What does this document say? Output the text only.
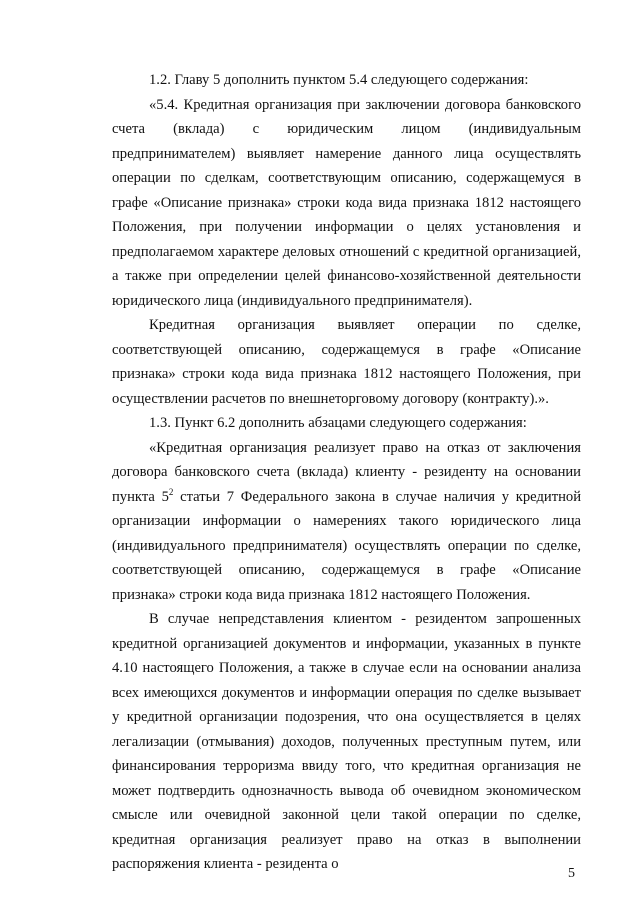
1.2. Главу 5 дополнить пунктом 5.4 следующего содержания:

«5.4. Кредитная организация при заключении договора банковского счета (вклада) с юридическим лицом (индивидуальным предпринимателем) выявляет намерение данного лица осуществлять операции по сделкам, соответствующим описанию, содержащемуся в графе «Описание признака» строки кода вида признака 1812 настоящего Положения, при получении информации о целях установления и предполагаемом характере деловых отношений с кредитной организацией, а также при определении целей финансово-хозяйственной деятельности юридического лица (индивидуального предпринимателя).

Кредитная организация выявляет операции по сделке, соответствующей описанию, содержащемуся в графе «Описание признака» строки кода вида признака 1812 настоящего Положения, при осуществлении расчетов по внешнеторговому договору (контракту).».

1.3. Пункт 6.2 дополнить абзацами следующего содержания:

«Кредитная организация реализует право на отказ от заключения договора банковского счета (вклада) клиенту - резиденту на основании пункта $5^2$ статьи 7 Федерального закона в случае наличия у кредитной организации информации о намерениях такого юридического лица (индивидуального предпринимателя) осуществлять операции по сделке, соответствующей описанию, содержащемуся в графе «Описание признака» строки кода вида признака 1812 настоящего Положения.

В случае непредставления клиентом - резидентом запрошенных кредитной организацией документов и информации, указанных в пункте 4.10 настоящего Положения, а также в случае если на основании анализа всех имеющихся документов и информации операция по сделке вызывает у кредитной организации подозрения, что она осуществляется в целях легализации (отмывания) доходов, полученных преступным путем, или финансирования терроризма ввиду того, что кредитная организация не может подтвердить однозначность вывода об очевидном экономическом смысле или очевидной законной цели такой операции по сделке, кредитная организация реализует право на отказ в выполнении распоряжения клиента - резидента о

5
